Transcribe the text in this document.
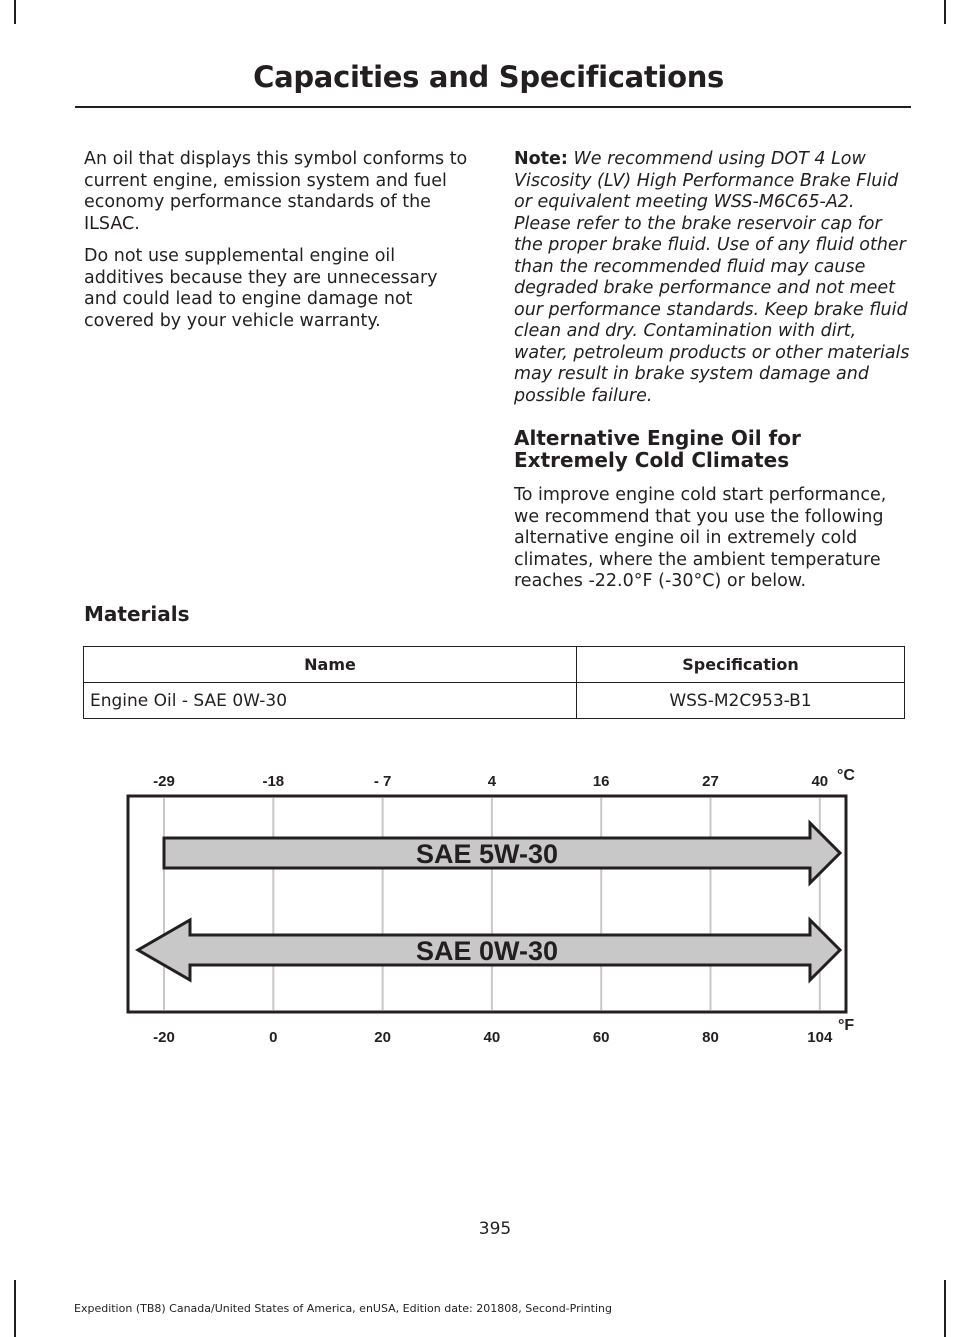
Capacities and Specifications

An oil that displays this symbol conforms to current engine, emission system and fuel economy performance standards of the ILSAC.

Do not use supplemental engine oil additives because they are unnecessary and could lead to engine damage not covered by your vehicle warranty.

Note: We recommend using DOT 4 Low Viscosity (LV) High Performance Brake Fluid or equivalent meeting WSS-M6C65-A2. Please refer to the brake reservoir cap for the proper brake fluid. Use of any fluid other than the recommended fluid may cause degraded brake performance and not meet our performance standards. Keep brake fluid clean and dry. Contamination with dirt, water, petroleum products or other materials may result in brake system damage and possible failure.

Alternative Engine Oil for Extremely Cold Climates

To improve engine cold start performance, we recommend that you use the following alternative engine oil in extremely cold climates, where the ambient temperature reaches -22.0°F (-30°C) or below.

Materials
Name	Specification
Engine Oil - SAE 0W-30	WSS-M2C953-B1
SAE 5W-30
SAE 0W-30
-29	-18	- 7	4	16	27	40
-20	0	20	40	60	80	104
°C
°F

395

Expedition (TB8) Canada/United States of America, enUSA, Edition date: 201808, Second-Printing
